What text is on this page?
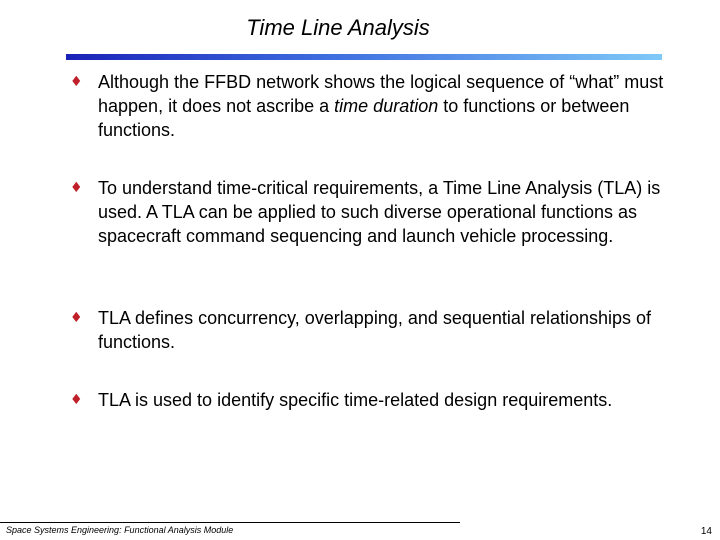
Time Line Analysis
♦ Although the FFBD network shows the logical sequence of “what” must happen, it does not ascribe a time duration to functions or between functions.
♦ To understand time-critical requirements, a Time Line Analysis (TLA) is used. A TLA can be applied to such diverse operational functions as spacecraft command sequencing and launch vehicle processing.
♦ TLA defines concurrency, overlapping, and sequential relationships of functions.
♦ TLA is used to identify specific time-related design requirements.
Space Systems Engineering: Functional Analysis Module	14
